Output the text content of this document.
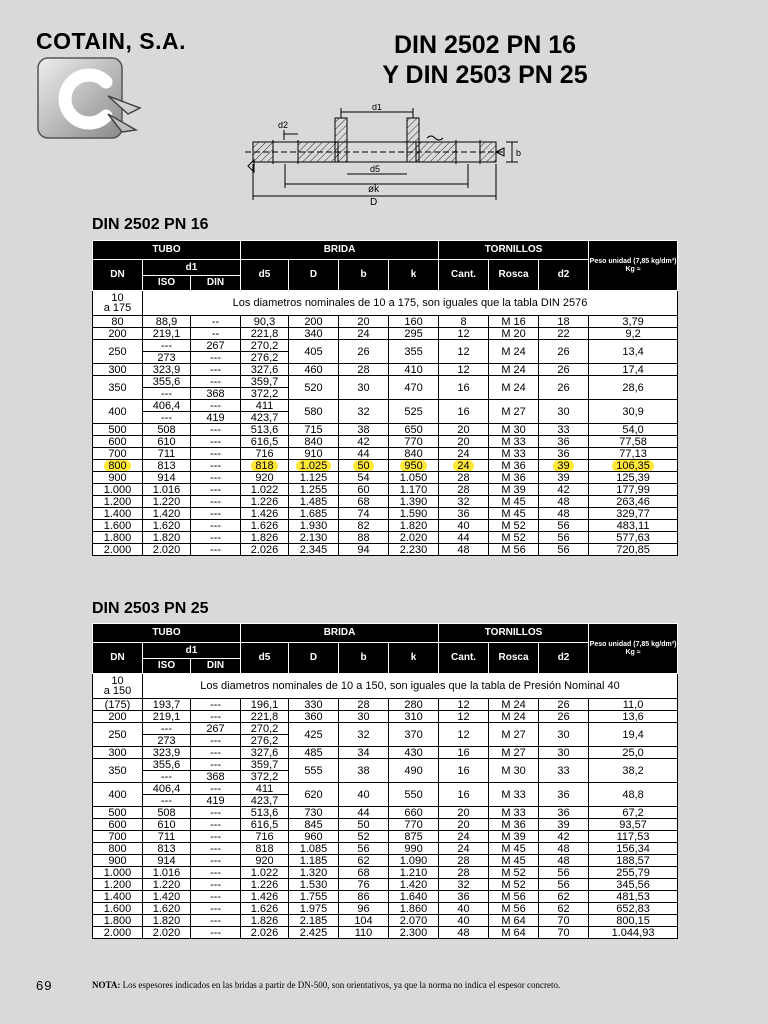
COTAIN, S.A.	DIN 2502 PN 16
Y DIN 2503 PN 25
d1
d2
d5
b
øk
D
DIN 2502 PN 16
TUBO			BRIDA				TORNILLOS			Peso unidad (7,85 kg/dm³) Kg ≈
DN	d1		d5	D	b	k	Cant.	Rosca	d2	
	ISO	DIN								
10
a 175	Los diametros nominales de 10 a 175, son iguales que la tabla DIN 2576									
80	88,9	--	90,3	200	20	160	8	M 16	18	3,79
200	219,1	--	221,8	340	24	295	12	M 20	22	9,2
250	---	267	270,2	405	26	355	12	M 24	26	13,4
	273	---	276,2							
300	323,9	---	327,6	460	28	410	12	M 24	26	17,4
350	355,6	---	359,7	520	30	470	16	M 24	26	28,6
	---	368	372,2							
400	406,4	---	411	580	32	525	16	M 27	30	30,9
	---	419	423,7							
500	508	---	513,6	715	38	650	20	M 30	33	54,0
600	610	---	616,5	840	42	770	20	M 33	36	77,58
700	711	---	716	910	44	840	24	M 33	36	77,13
800	813	---	818	1.025	50	950	24	M 36	39	106,35
900	914	---	920	1.125	54	1.050	28	M 36	39	125,39
1.000	1.016	---	1.022	1.255	60	1.170	28	M 39	42	177,99
1.200	1.220	---	1.226	1.485	68	1.390	32	M 45	48	263,46
1.400	1.420	---	1.426	1.685	74	1.590	36	M 45	48	329,77
1.600	1.620	---	1.626	1.930	82	1.820	40	M 52	56	483,11
1.800	1.820	---	1.826	2.130	88	2.020	44	M 52	56	577,63
2.000	2.020	---	2.026	2.345	94	2.230	48	M 56	56	720,85
DIN 2503 PN 25
TUBO			BRIDA				TORNILLOS			Peso unidad (7,85 kg/dm³) Kg ≈
DN	d1		d5	D	b	k	Cant.	Rosca	d2	
	ISO	DIN								
10
a 150	Los diametros nominales de 10 a 150, son iguales que la tabla de Presión Nominal 40									
(175)	193,7	---	196,1	330	28	280	12	M 24	26	11,0
200	219,1	---	221,8	360	30	310	12	M 24	26	13,6
250	---	267	270,2	425	32	370	12	M 27	30	19,4
	273	---	276,2							
300	323,9	---	327,6	485	34	430	16	M 27	30	25,0
350	355,6	---	359,7	555	38	490	16	M 30	33	38,2
	---	368	372,2							
400	406,4	---	411	620	40	550	16	M 33	36	48,8
	---	419	423,7							
500	508	---	513,6	730	44	660	20	M 33	36	67,2
600	610	---	616,5	845	50	770	20	M 36	39	93,57
700	711	---	716	960	52	875	24	M 39	42	117,53
800	813	---	818	1.085	56	990	24	M 45	48	156,34
900	914	---	920	1.185	62	1.090	28	M 45	48	188,57
1.000	1.016	---	1.022	1.320	68	1.210	28	M 52	56	255,79
1.200	1.220	---	1.226	1.530	76	1.420	32	M 52	56	345,56
1.400	1.420	---	1.426	1.755	86	1.640	36	M 56	62	481,53
1.600	1.620	---	1.626	1.975	96	1.860	40	M 56	62	652,83
1.800	1.820	---	1.826	2.185	104	2.070	40	M 64	70	800,15
2.000	2.020	---	2.026	2.425	110	2.300	48	M 64	70	1.044,93
69	NOTA: Los espesores indicados en las bridas a partir de DN-500, son orientativos, ya que la norma no indica el espesor concreto.
